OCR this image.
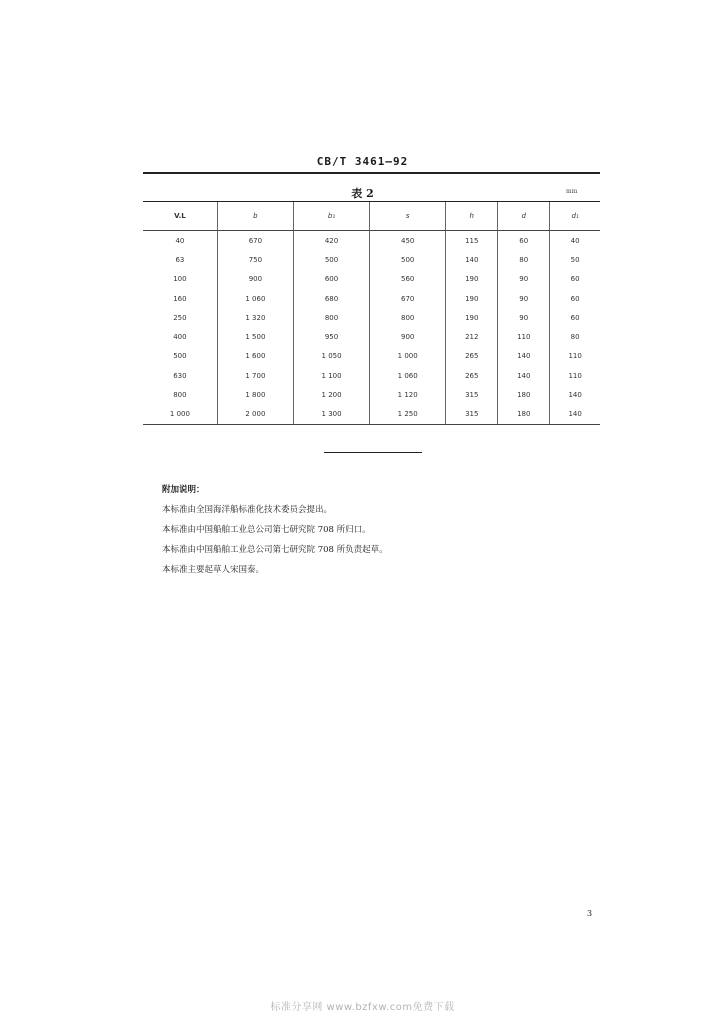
CB/T 3461—92
表 2	mm
V.L	b	b₁	s	h	d	d₁
40	670	420	450	115	60	40
63	750	500	500	140	80	50
100	900	600	560	190	90	60
160	1 060	680	670	190	90	60
250	1 320	800	800	190	90	60
400	1 500	950	900	212	110	80
500	1 600	1 050	1 000	265	140	110
630	1 700	1 100	1 060	265	140	110
800	1 800	1 200	1 120	315	180	140
1 000	2 000	1 300	1 250	315	180	140
附加说明：
本标准由全国海洋船标准化技术委员会提出。
本标准由中国船舶工业总公司第七研究院 708 所归口。
本标准由中国船舶工业总公司第七研究院 708 所负责起草。
本标准主要起草人宋国泰。
3
标准分享网 www.bzfxw.com免费下载
